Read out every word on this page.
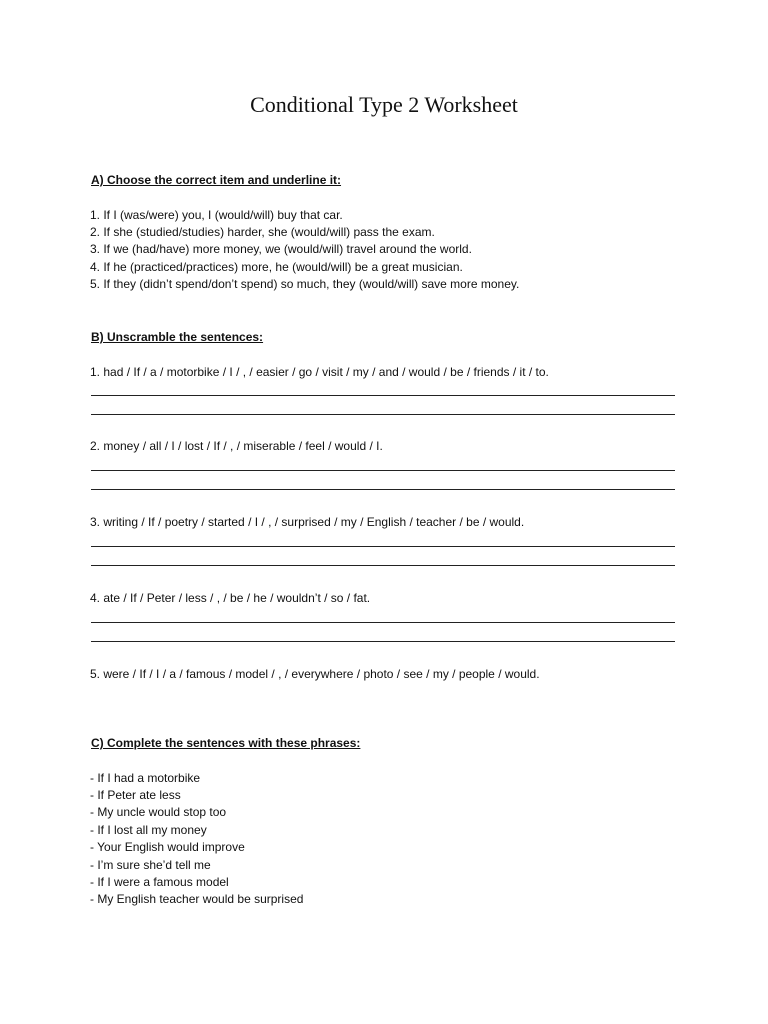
Conditional Type 2 Worksheet
A) Choose the correct item and underline it:
1. If I (was/were) you, I (would/will) buy that car.
2. If she (studied/studies) harder, she (would/will) pass the exam.
3. If we (had/have) more money, we (would/will) travel around the world.
4. If he (practiced/practices) more, he (would/will) be a great musician.
5. If they (didn’t spend/don’t spend) so much, they (would/will) save more money.
B) Unscramble the sentences:
1. had / If / a / motorbike / I / , / easier / go / visit / my / and / would / be / friends / it / to.
2. money / all / I / lost / If / , / miserable / feel / would / I.
3. writing / If / poetry / started / I / , / surprised / my / English / teacher / be / would.
4. ate / If / Peter / less / , / be / he / wouldn’t / so / fat.
5. were / If / I / a / famous / model / , / everywhere / photo / see / my / people / would.
C) Complete the sentences with these phrases:
- If I had a motorbike
- If Peter ate less
- My uncle would stop too
- If I lost all my money
- Your English would improve
- I’m sure she’d tell me
- If I were a famous model
- My English teacher would be surprised
